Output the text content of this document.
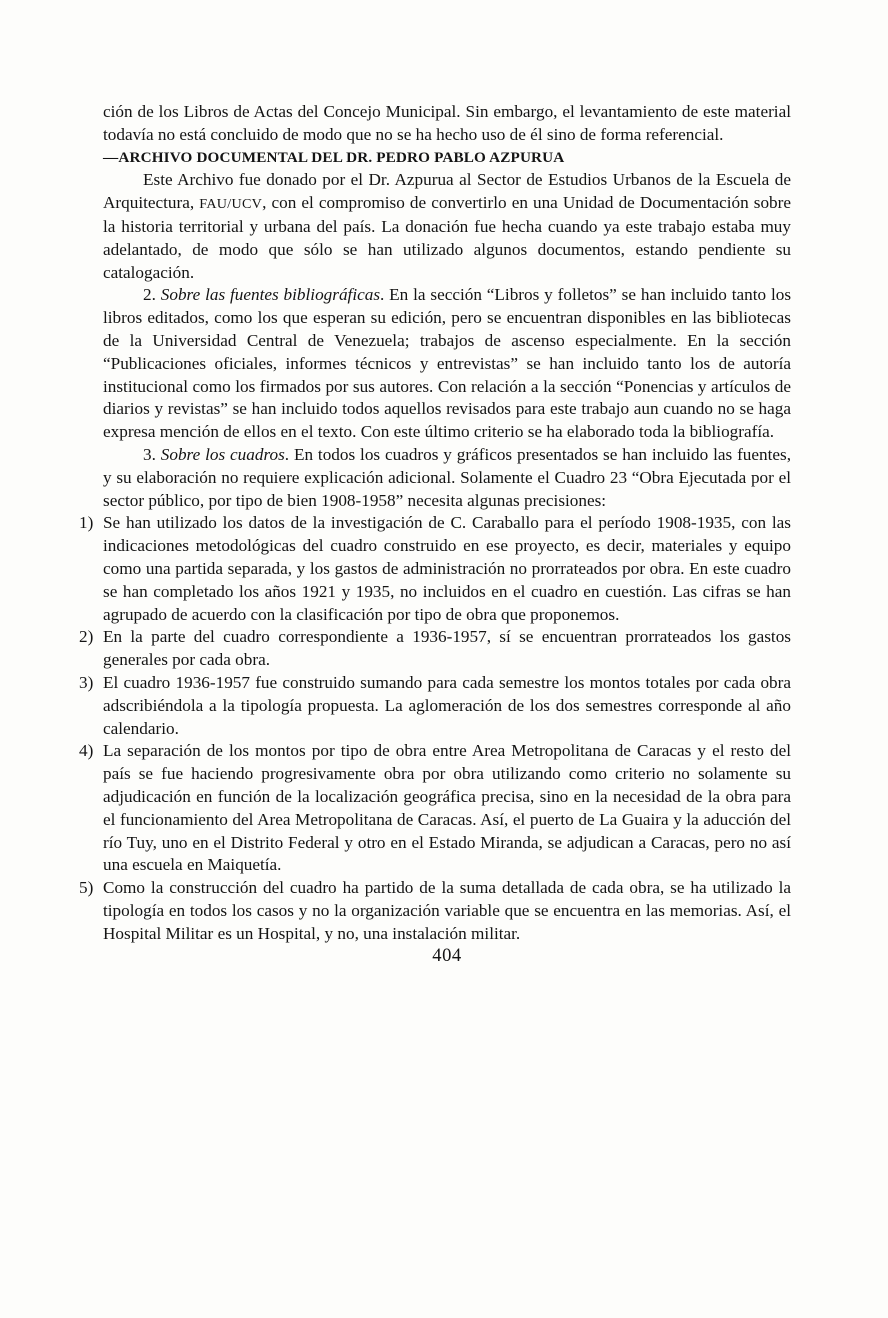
ción de los Libros de Actas del Concejo Municipal. Sin embargo, el levantamiento de este material todavía no está concluido de modo que no se ha hecho uso de él sino de forma referencial.

—ARCHIVO DOCUMENTAL DEL DR. PEDRO PABLO AZPURUA

Este Archivo fue donado por el Dr. Azpurua al Sector de Estudios Urbanos de la Escuela de Arquitectura, FAU/UCV, con el compromiso de convertirlo en una Unidad de Documentación sobre la historia territorial y urbana del país. La donación fue hecha cuando ya este trabajo estaba muy adelantado, de modo que sólo se han utilizado algunos documentos, estando pendiente su catalogación.

2. Sobre las fuentes bibliográficas. En la sección “Libros y folletos” se han incluido tanto los libros editados, como los que esperan su edición, pero se encuentran disponibles en las bibliotecas de la Universidad Central de Venezuela; trabajos de ascenso especialmente. En la sección “Publicaciones oficiales, informes técnicos y entrevistas” se han incluido tanto los de autoría institucional como los firmados por sus autores. Con relación a la sección “Ponencias y artículos de diarios y revistas” se han incluido todos aquellos revisados para este trabajo aun cuando no se haga expresa mención de ellos en el texto. Con este último criterio se ha elaborado toda la bibliografía.

3. Sobre los cuadros. En todos los cuadros y gráficos presentados se han incluido las fuentes, y su elaboración no requiere explicación adicional. Solamente el Cuadro 23 “Obra Ejecutada por el sector público, por tipo de bien 1908-1958” necesita algunas precisiones:

1) Se han utilizado los datos de la investigación de C. Caraballo para el período 1908-1935, con las indicaciones metodológicas del cuadro construido en ese proyecto, es decir, materiales y equipo como una partida separada, y los gastos de administración no prorrateados por obra. En este cuadro se han completado los años 1921 y 1935, no incluidos en el cuadro en cuestión. Las cifras se han agrupado de acuerdo con la clasificación por tipo de obra que proponemos.

2) En la parte del cuadro correspondiente a 1936-1957, sí se encuentran prorrateados los gastos generales por cada obra.

3) El cuadro 1936-1957 fue construido sumando para cada semestre los montos totales por cada obra adscribiéndola a la tipología propuesta. La aglomeración de los dos semestres corresponde al año calendario.

4) La separación de los montos por tipo de obra entre Area Metropolitana de Caracas y el resto del país se fue haciendo progresivamente obra por obra utilizando como criterio no solamente su adjudicación en función de la localización geográfica precisa, sino en la necesidad de la obra para el funcionamiento del Area Metropolitana de Caracas. Así, el puerto de La Guaira y la aducción del río Tuy, uno en el Distrito Federal y otro en el Estado Miranda, se adjudican a Caracas, pero no así una escuela en Maiquetía.

5) Como la construcción del cuadro ha partido de la suma detallada de cada obra, se ha utilizado la tipología en todos los casos y no la organización variable que se encuentra en las memorias. Así, el Hospital Militar es un Hospital, y no, una instalación militar.

404
